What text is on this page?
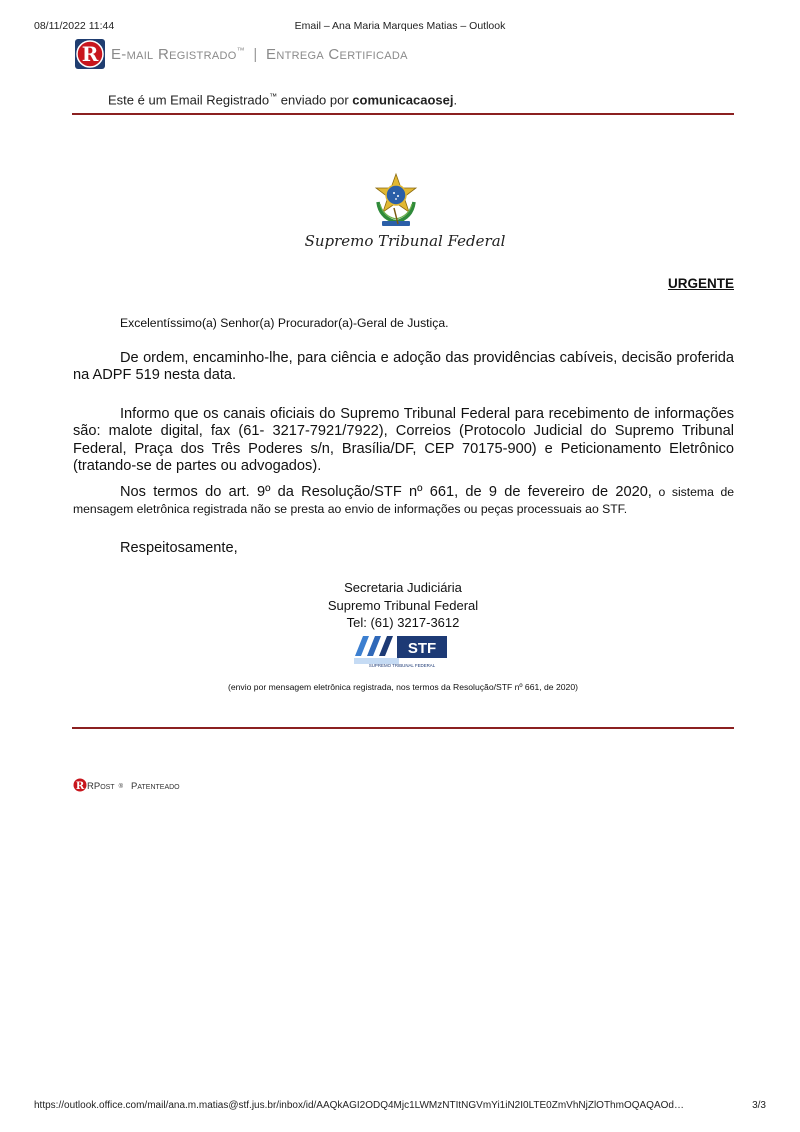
08/11/2022 11:44	Email – Ana Maria Marques Matias – Outlook
R E-mail Registrado™ | Entrega Certificada
Este é um Email Registrado™ enviado por comunicacaosej.
Supremo Tribunal Federal
URGENTE
Excelentíssimo(a) Senhor(a) Procurador(a)-Geral de Justiça.
De ordem, encaminho-lhe, para ciência e adoção das providências cabíveis, decisão proferida na ADPF 519 nesta data.
Informo que os canais oficiais do Supremo Tribunal Federal para recebimento de informações são: malote digital, fax (61- 3217-7921/7922), Correios (Protocolo Judicial do Supremo Tribunal Federal, Praça dos Três Poderes s/n, Brasília/DF, CEP 70175-900) e Peticionamento Eletrônico (tratando-se de partes ou advogados).
Nos termos do art. 9º da Resolução/STF nº 661, de 9 de fevereiro de 2020, o sistema de mensagem eletrônica registrada não se presta ao envio de informações ou peças processuais ao STF.
Respeitosamente,
Secretaria Judiciária
Supremo Tribunal Federal
Tel: (61) 3217-3612
STF
SUPREMO TRIBUNAL FEDERAL
(envio por mensagem eletrônica registrada, nos termos da Resolução/STF nº 661, de 2020)
R RPost ® Patenteado
https://outlook.office.com/mail/ana.m.matias@stf.jus.br/inbox/id/AAQkAGI2ODQ4Mjc1LWMzNTItNGVmYi1iN2I0LTE0ZmVhNjZlOThmOQAQAOd…	3/3
